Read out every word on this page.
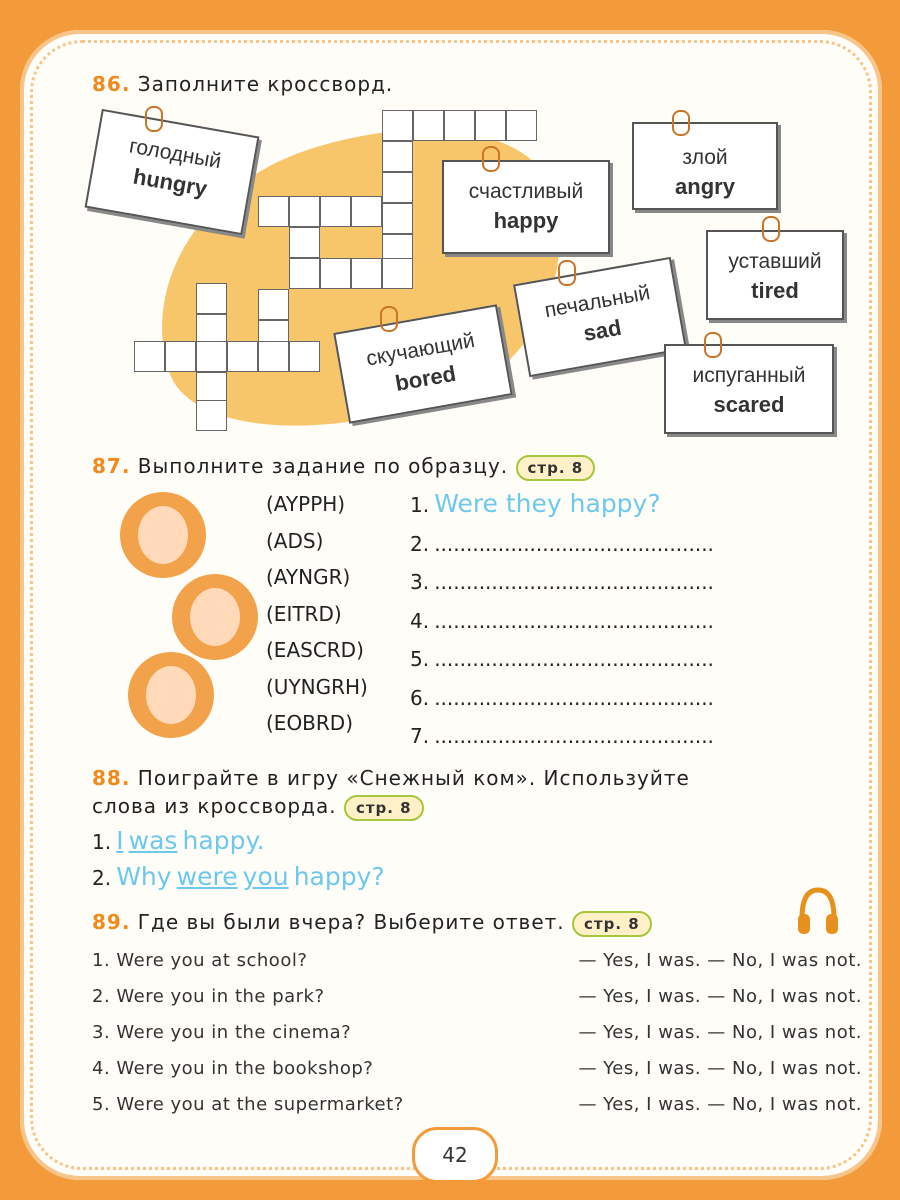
86. Заполните кроссворд.
голодный
hungry	счастливый
happy
злой
angry
уставший
tired
печальный
sad
скучающий
bored	испуганный
scared
87. Выполните задание по образцу. стр. 8
(AYPPH)
(ADS)
(AYNGR)
(EITRD)
(EASCRD)
(UYNGRH)
(EOBRD)
1. Were they happy?
2. ............................................
3. ............................................
4. ............................................
5. ............................................
6. ............................................
7. ............................................
88. Поиграйте в игру «Снежный ком». Используйте
слова из кроссворда. стр. 8
1. I was happy.
2. Why were you happy?
89. Где вы были вчера? Выберите ответ. стр. 8
1. Were you at school?	— Yes, I was. — No, I was not.
2. Were you in the park?	— Yes, I was. — No, I was not.
3. Were you in the cinema?	— Yes, I was. — No, I was not.
4. Were you in the bookshop?	— Yes, I was. — No, I was not.
5. Were you at the supermarket?	— Yes, I was. — No, I was not.
42
